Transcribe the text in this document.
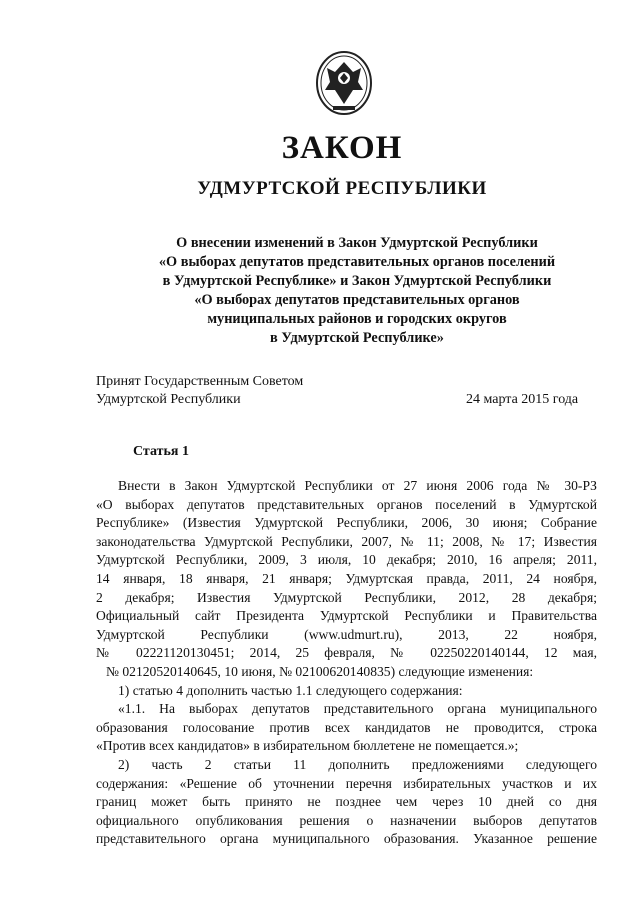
ЗАКОН
УДМУРТСКОЙ РЕСПУБЛИКИ
О внесении изменений в Закон Удмуртской Республики
«О выборах депутатов представительных органов поселений
в Удмуртской Республике» и Закон Удмуртской Республики
«О выборах депутатов представительных органов
муниципальных районов и городских округов
в Удмуртской Республике»
Принят Государственным Советом
Удмуртской Республики	24 марта 2015 года
Статья 1
Внести в Закон Удмуртской Республики от 27 июня 2006 года № 30-РЗ
«О выборах депутатов представительных органов поселений в Удмуртской
Республике» (Известия Удмуртской Республики, 2006, 30 июня; Собрание
законодательства Удмуртской Республики, 2007, № 11; 2008, № 17; Известия
Удмуртской Республики, 2009, 3 июля, 10 декабря; 2010, 16 апреля; 2011,
14 января, 18 января, 21 января; Удмуртская правда, 2011, 24 ноября,
2 декабря; Известия Удмуртской Республики, 2012, 28 декабря;
Официальный сайт Президента Удмуртской Республики и Правительства
Удмуртской Республики (www.udmurt.ru), 2013, 22 ноября,
№ 02221120130451; 2014, 25 февраля, № 02250220140144, 12 мая,
№ 02120520140645, 10 июня, № 02100620140835) следующие изменения:
1) статью 4 дополнить частью 1.1 следующего содержания:
«1.1. На выборах депутатов представительного органа муниципального
образования голосование против всех кандидатов не проводится, строка
«Против всех кандидатов» в избирательном бюллетене не помещается.»;
2) часть 2 статьи 11 дополнить предложениями следующего
содержания: «Решение об уточнении перечня избирательных участков и их
границ может быть принято не позднее чем через 10 дней со дня
официального опубликования решения о назначении выборов депутатов
представительного органа муниципального образования. Указанное решение
